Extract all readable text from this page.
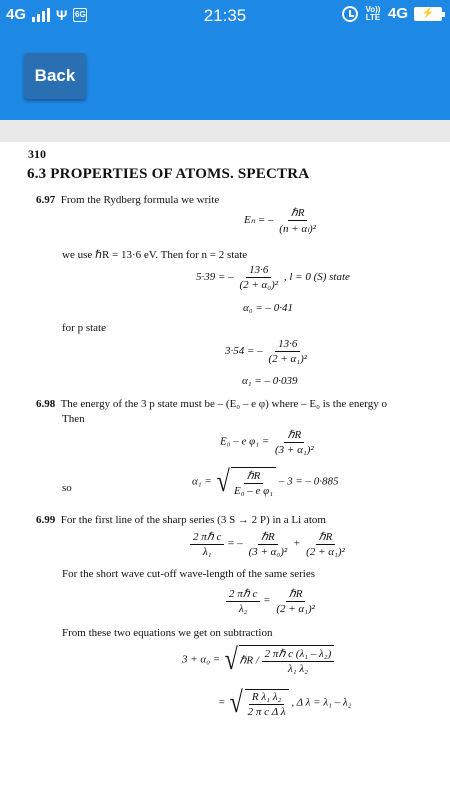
4G Ψ 6G	21:35	Vo)) LTE 4G	⚡
Back
310
6.3 PROPERTIES OF ATOMS. SPECTRA
6.97 From the Rydberg formula we write
Eₙ = – $\frac{\text{ℏR}}{\text{(n + αₗ)²}}$
we use ℏR = 13·6 eV. Then for n = 2 state
5·39 = – $\frac{13\cdot 6}{\text{(2 + α₀)²}}$ , l = 0 (S) state
α₀ = – 0·41
for p state
3·54 = – $\frac{13\cdot 6}{\text{(2 + α₁)²}}$
α₁ = – 0·039
6.98 The energy of the 3 p state must be – (E₀ – e φ) where – E₀ is the energy o
Then
E₀ – e $\varphi_1 = \frac{\text{ℏR}}{\text{(3 + α₁)²}}$
so
α₁ = √ $\frac{\text{ℏR}}{\text{E₀ – e φ₁}} - 3$ = – 0·885
6.99 For the first line of the sharp series (3 S → 2 P) in a Li atom
$\frac{\text{2 πℏ c}}{\text{λ₁}}$ = – $\frac{\text{ℏR}}{\text{(3 + α₀)²}} + \frac{\text{ℏR}}{\text{(2 + α₁)²}}$
For the short wave cut-off wave-length of the same series
$\frac{\text{2 πℏ c}}{\text{λ₂}} = \frac{\text{ℏR}}{\text{(2 + α₁)²}}$
From these two equations we get on subtraction
3 + α₀ = √ ℏR / $\frac{\text{2 πℏ c (λ₁ – λ₂)}}{\text{λ₁ λ₂}}$
= √ $\frac{\text{R λ₁ λ₂}}{\text{2 π c Δ λ}}$ , Δ λ = λ₁ – λ₂
